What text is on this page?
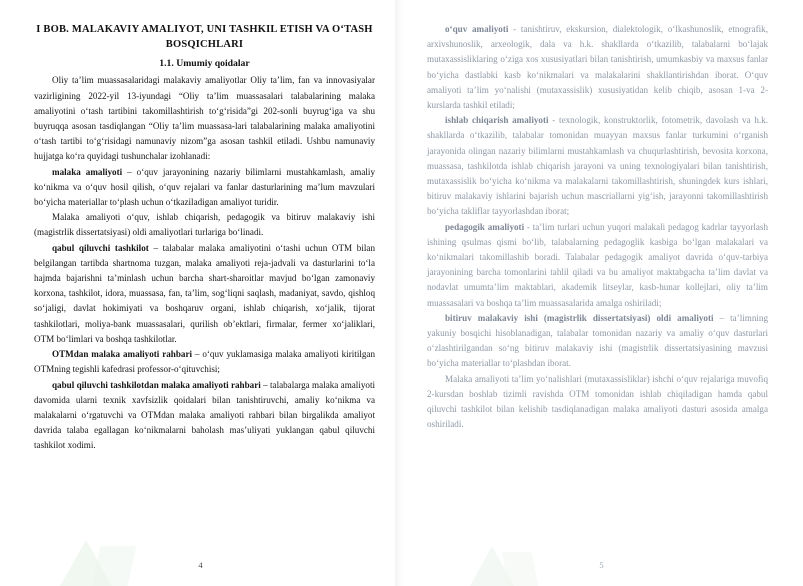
I BOB. MALAKAVIY AMALIYOT, UNI TASHKIL ETISH VA O‘TASH BOSQICHLARI
1.1. Umumiy qoidalar

Oliy ta’lim muassasalaridagi malakaviy amaliyotlar Oliy ta’lim, fan va innovasiyalar vazirligining 2022-yil 13-iyundagi “Oliy ta’lim muassasalari talabalarining malaka amaliyotini o‘tash tartibini takomillashtirish to‘g‘risida”gi 202-sonli buyrug‘iga va shu buyruqqa asosan tasdiqlangan “Oliy ta’lim muassasa-lari talabalarining malaka amaliyotini o‘tash tartibi to‘g‘risidagi namunaviy nizom”ga asosan tashkil etiladi. Ushbu namunaviy hujjatga ko‘ra quyidagi tushunchalar izohlanadi:

malaka amaliyoti – o‘quv jarayonining nazariy bilimlarni mustahkamlash, amaliy ko‘nikma va o‘quv hosil qilish, o‘quv rejalari va fanlar dasturlarining ma’lum mavzulari bo‘yicha materiallar to‘plash uchun o‘tkaziladigan amaliyot turidir.

Malaka amaliyoti o‘quv, ishlab chiqarish, pedagogik va bitiruv malakaviy ishi (magistrlik dissertatsiyasi) oldi amaliyotlari turlariga bo‘linadi.

qabul qiluvchi tashkilot – talabalar malaka amaliyotini o‘tashi uchun OTM bilan belgilangan tartibda shartnoma tuzgan, malaka amaliyoti reja-jadvali va dasturlarini to‘la hajmda bajarishni ta’minlash uchun barcha shart-sharoitlar mavjud bo‘lgan zamonaviy korxona, tashkilot, idora, muassasa, fan, ta’lim, sog‘liqni saqlash, madaniyat, savdo, qishloq so‘jaligi, davlat hokimiyati va boshqaruv organi, ishlab chiqarish, xo‘jalik, tijorat tashkilotlari, moliya-bank muassasalari, qurilish ob’ektlari, firmalar, fermer xo‘jaliklari, OTM bo‘limlari va boshqa tashkilotlar.

OTMdan malaka amaliyoti rahbari – o‘quv yuklamasiga malaka amaliyoti kiritilgan OTMning tegishli kafedrasi professor-o‘qituvchisi;

qabul qiluvchi tashkilotdan malaka amaliyoti rahbari – talabalarga malaka amaliyoti davomida ularni texnik xavfsizlik qoidalari bilan tanishtiruvchi, amaliy ko‘nikma va malakalarni o‘rgatuvchi va OTMdan malaka amaliyoti rahbari bilan birgalikda amaliyot davrida talaba egallagan ko‘nikmalarni baholash mas’uliyati yuklangan qabul qiluvchi tashkilot xodimi.

4

o‘quv amaliyoti - tanishtiruv, ekskursion, dialektologik, o‘lkashunoslik, etnografik, arxivshunoslik, arxeologik, dala va h.k. shakllarda o‘tkazilib, talabalarni bo‘lajak mutaxassisliklaring o‘ziga xos xususiyatlari bilan tanishtirish, umumkasbiy va maxsus fanlar bo‘yicha dastlabki kasb ko‘nikmalari va malakalarini shakllantirishdan iborat. O‘quv amaliyoti ta’lim yo‘nalishi (mutaxassislik) xususiyatidan kelib chiqib, asosan 1-va 2-kurslarda tashkil etiladi;

ishlab chiqarish amaliyoti - texnologik, konstruktorlik, fotometrik, davolash va h.k. shakllarda o‘tkazilib, talabalar tomonidan muayyan maxsus fanlar turkumini o‘rganish jarayonida olingan nazariy bilimlarni mustahkamlash va chuqurlashtirish, bevosita korxona, muassasa, tashkilotda ishlab chiqarish jarayoni va uning texnologiyalari bilan tanishtirish, mutaxassislik bo‘yicha ko‘nikma va malakalarni takomillashtirish, shuningdek kurs ishlari, bitiruv malakaviy ishlarini bajarish uchun mascriallarni yig‘ish, jarayonni takomillashtirish bo‘yicha takliflar tayyorlashdan iborat;

pedagogik amaliyoti - ta’lim turlari uchun yuqori malakali pedagog kadrlar tayyorlash ishining qsulmas qismi bo‘lib, talabalarning pedagoglik kasbiga bo‘lgan malakalari va ko‘nikmalari takomillashib boradi. Talabalar pedagogik amaliyot davrida o‘quv-tarbiya jarayonining barcha tomonlarini tahlil qiladi va bu amaliyot maktabgacha ta’lim davlat va nodavlat umumta’lim maktablari, akademik litseylar, kasb-hunar kollejlari, oliy ta’lim muassasalari va boshqa ta’lim muassasalarida amalga oshiriladi;

bitiruv malakaviy ishi (magistrlik dissertatsiyasi) oldi amaliyoti – ta’limning yakuniy bosqichi hisoblanadigan, talabalar tomonidan nazariy va amaliy o‘quv dasturlari o‘zlashtirilgandan so‘ng bitiruv malakaviy ishi (magistrlik dissertatsiyasining mavzusi bo‘yicha materiallar to‘plashdan iborat.

Malaka amaliyoti ta’lim yo‘nalishlari (mutaxassisliklar) ishchi o‘quv rejalariga muvofiq 2-kursdan boshlab tizimli ravishda OTM tomonidan ishlab chiqiladigan hamda qabul qiluvchi tashkilot bilan kelishib tasdiqlanadigan malaka amaliyoti dasturi asosida amalga oshiriladi.

5
